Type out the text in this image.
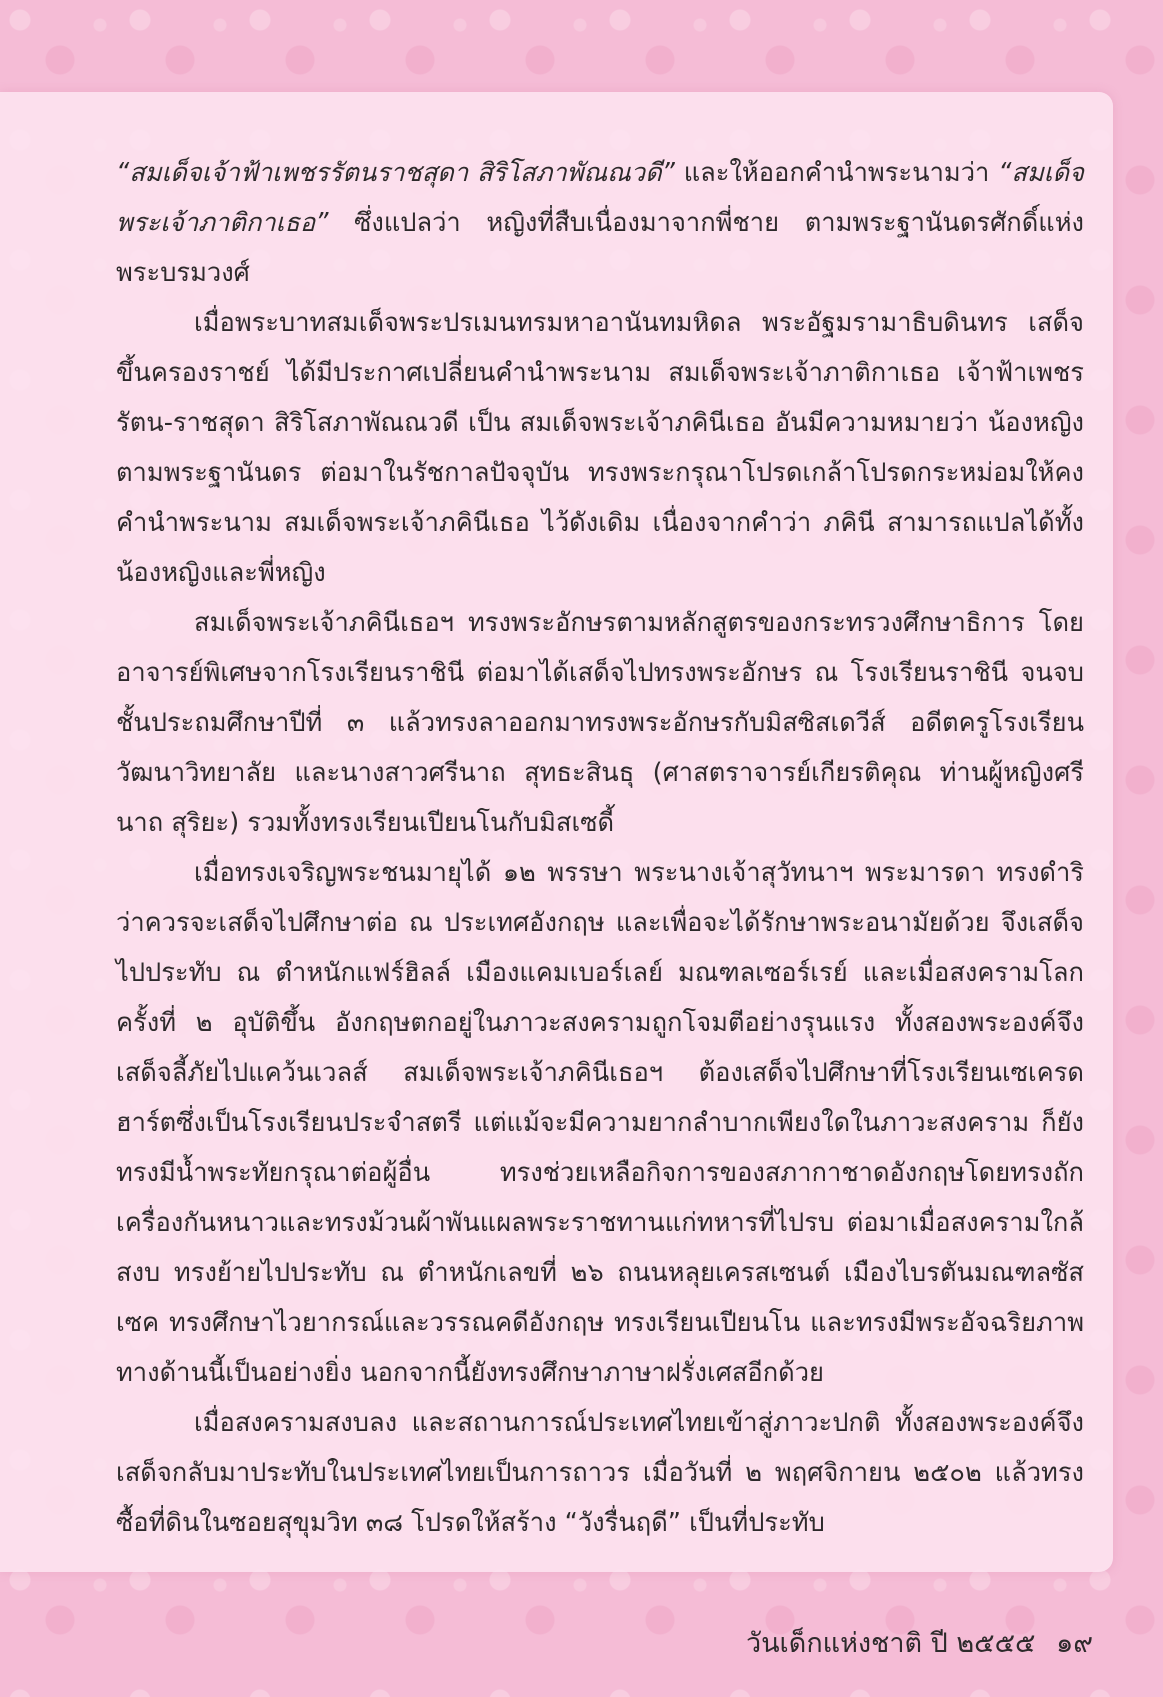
“สมเด็จเจ้าฟ้าเพชรรัตนราชสุดา สิริโสภาพัณณวดี” และให้ออกคำนำพระนามว่า “สมเด็จพระเจ้าภาติกาเธอ” ซึ่งแปลว่า หญิงที่สืบเนื่องมาจากพี่ชาย ตามพระฐานันดรศักดิ์แห่งพระบรมวงศ์

เมื่อพระบาทสมเด็จพระปรเมนทรมหาอานันทมหิดล พระอัฐมรามาธิบดินทร เสด็จขึ้นครองราชย์ ได้มีประกาศเปลี่ยนคำนำพระนาม สมเด็จพระเจ้าภาติกาเธอ เจ้าฟ้าเพชรรัตน-ราชสุดา สิริโสภาพัณณวดี เป็น สมเด็จพระเจ้าภคินีเธอ อันมีความหมายว่า น้องหญิง ตามพระฐานันดร ต่อมาในรัชกาลปัจจุบัน ทรงพระกรุณาโปรดเกล้าโปรดกระหม่อมให้คงคำนำพระนาม สมเด็จพระเจ้าภคินีเธอ ไว้ดังเดิม เนื่องจากคำว่า ภคินี สามารถแปลได้ทั้ง น้องหญิงและพี่หญิง

สมเด็จพระเจ้าภคินีเธอฯ ทรงพระอักษรตามหลักสูตรของกระทรวงศึกษาธิการ โดยอาจารย์พิเศษจากโรงเรียนราชินี ต่อมาได้เสด็จไปทรงพระอักษร ณ โรงเรียนราชินี จนจบชั้นประถมศึกษาปีที่ ๓ แล้วทรงลาออกมาทรงพระอักษรกับมิสซิสเดวีส์ อดีตครูโรงเรียนวัฒนาวิทยาลัย และนางสาวศรีนาถ สุทธะสินธุ (ศาสตราจารย์เกียรติคุณ ท่านผู้หญิงศรีนาถ สุริยะ) รวมทั้งทรงเรียนเปียนโนกับมิสเซดี้

เมื่อทรงเจริญพระชนมายุได้ ๑๒ พรรษา พระนางเจ้าสุวัทนาฯ พระมารดา ทรงดำริว่าควรจะเสด็จไปศึกษาต่อ ณ ประเทศอังกฤษ และเพื่อจะได้รักษาพระอนามัยด้วย จึงเสด็จไปประทับ ณ ตำหนักแฟร์ฮิลล์ เมืองแคมเบอร์เลย์ มณฑลเซอร์เรย์ และเมื่อสงครามโลกครั้งที่ ๒ อุบัติขึ้น อังกฤษตกอยู่ในภาวะสงครามถูกโจมตีอย่างรุนแรง ทั้งสองพระองค์จึงเสด็จลี้ภัยไปแคว้นเวลส์ สมเด็จพระเจ้าภคินีเธอฯ ต้องเสด็จไปศึกษาที่โรงเรียนเซเครดฮาร์ตซึ่งเป็นโรงเรียนประจำสตรี แต่แม้จะมีความยากลำบากเพียงใดในภาวะสงคราม ก็ยังทรงมีน้ำพระทัยกรุณาต่อผู้อื่น ทรงช่วยเหลือกิจการของสภากาชาดอังกฤษโดยทรงถักเครื่องกันหนาวและทรงม้วนผ้าพันแผลพระราชทานแก่ทหารที่ไปรบ ต่อมาเมื่อสงครามใกล้สงบ ทรงย้ายไปประทับ ณ ตำหนักเลขที่ ๒๖ ถนนหลุยเครสเซนต์ เมืองไบรตันมณฑลซัสเซค ทรงศึกษาไวยากรณ์และวรรณคดีอังกฤษ ทรงเรียนเปียนโน และทรงมีพระอัจฉริยภาพทางด้านนี้เป็นอย่างยิ่ง นอกจากนี้ยังทรงศึกษาภาษาฝรั่งเศสอีกด้วย

เมื่อสงครามสงบลง และสถานการณ์ประเทศไทยเข้าสู่ภาวะปกติ ทั้งสองพระองค์จึงเสด็จกลับมาประทับในประเทศไทยเป็นการถาวร เมื่อวันที่ ๒ พฤศจิกายน ๒๕๐๒ แล้วทรงซื้อที่ดินในซอยสุขุมวิท ๓๘ โปรดให้สร้าง “วังรื่นฤดี” เป็นที่ประทับ

วันเด็กแห่งชาติ ปี ๒๕๕๕ ๑๙
